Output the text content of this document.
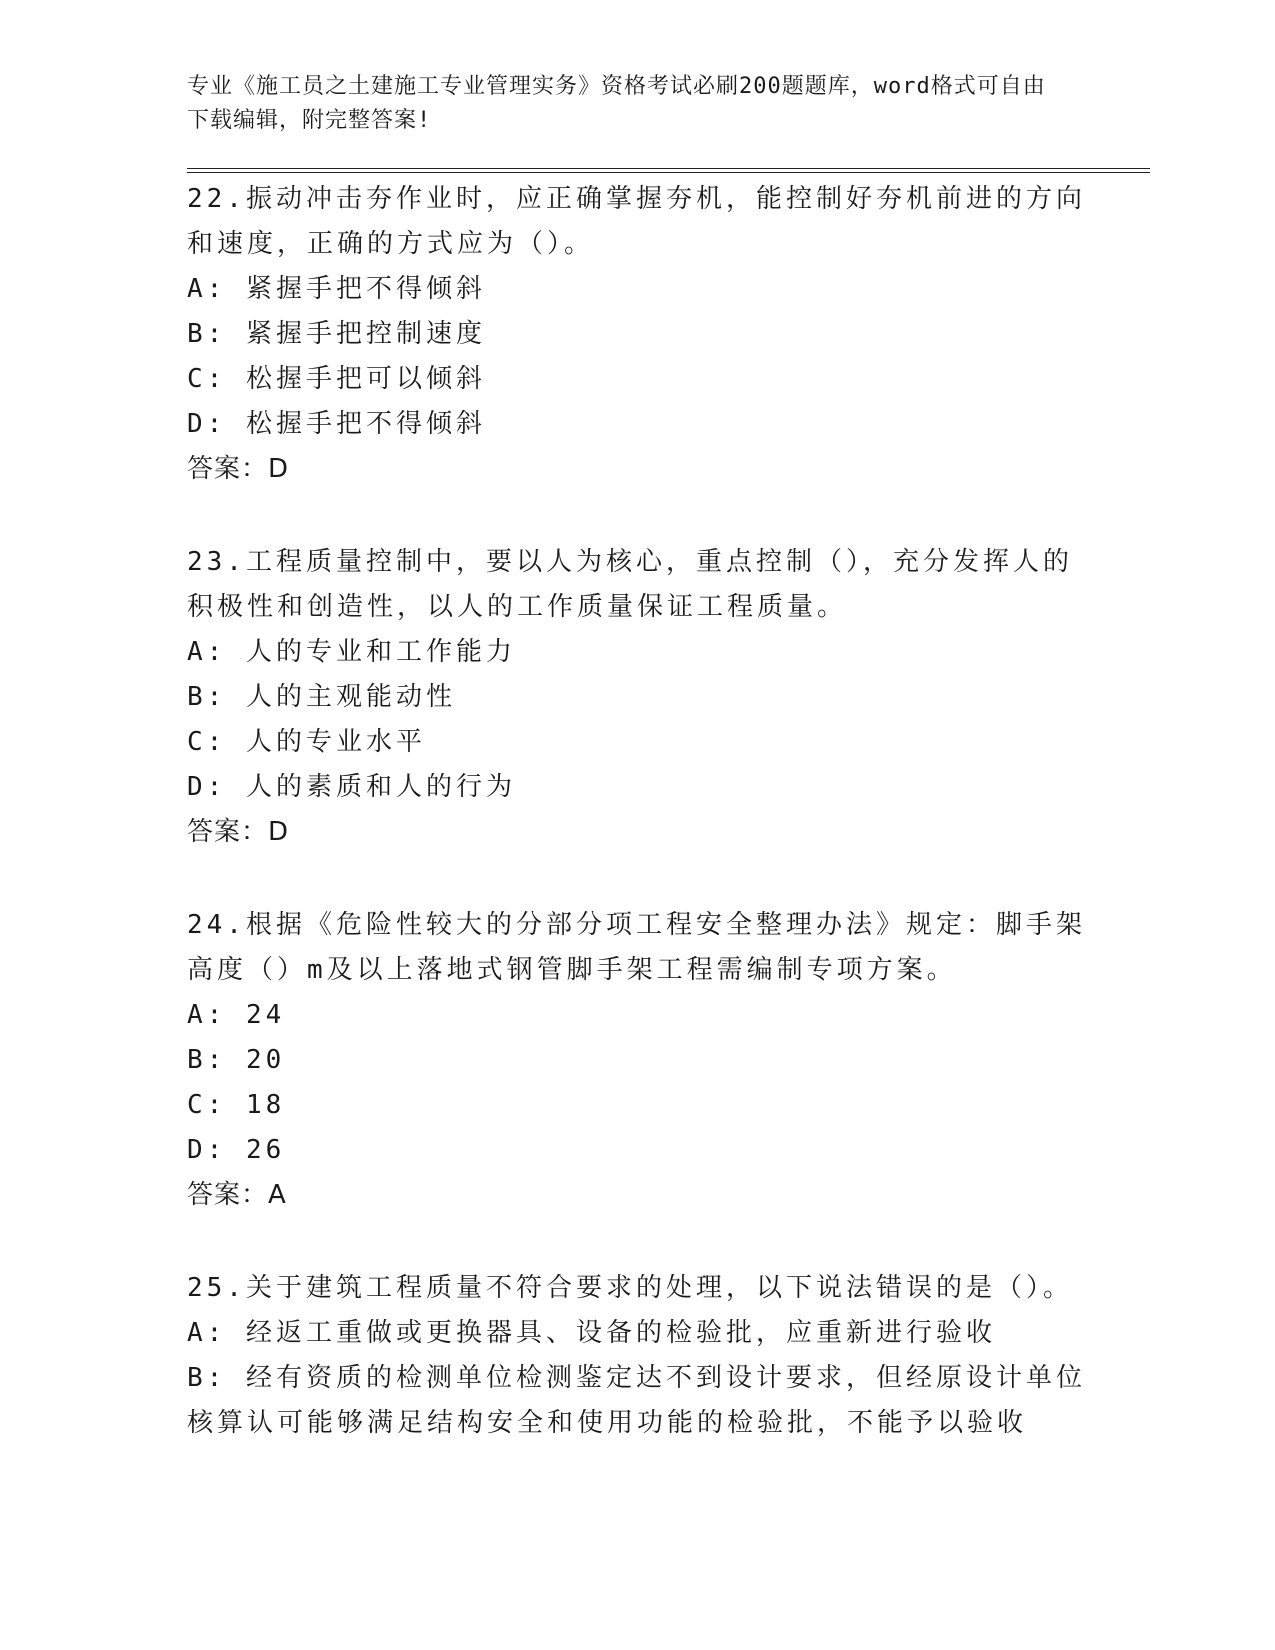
专业《施工员之土建施工专业管理实务》资格考试必刷200题题库，word格式可自由下载编辑，附完整答案!

22.振动冲击夯作业时，应正确掌握夯机，能控制好夯机前进的方向和速度，正确的方式应为（）。

A: 紧握手把不得倾斜

B: 紧握手把控制速度

C: 松握手把可以倾斜

D: 松握手把不得倾斜

答案：D

23.工程质量控制中，要以人为核心，重点控制（），充分发挥人的积极性和创造性，以人的工作质量保证工程质量。

A: 人的专业和工作能力

B: 人的主观能动性

C: 人的专业水平

D: 人的素质和人的行为

答案：D

24.根据《危险性较大的分部分项工程安全整理办法》规定：脚手架高度（）m及以上落地式钢管脚手架工程需编制专项方案。

A: 24

B: 20

C: 18

D: 26

答案：A

25.关于建筑工程质量不符合要求的处理，以下说法错误的是（）。

A: 经返工重做或更换器具、设备的检验批，应重新进行验收

B: 经有资质的检测单位检测鉴定达不到设计要求，但经原设计单位核算认可能够满足结构安全和使用功能的检验批，不能予以验收
